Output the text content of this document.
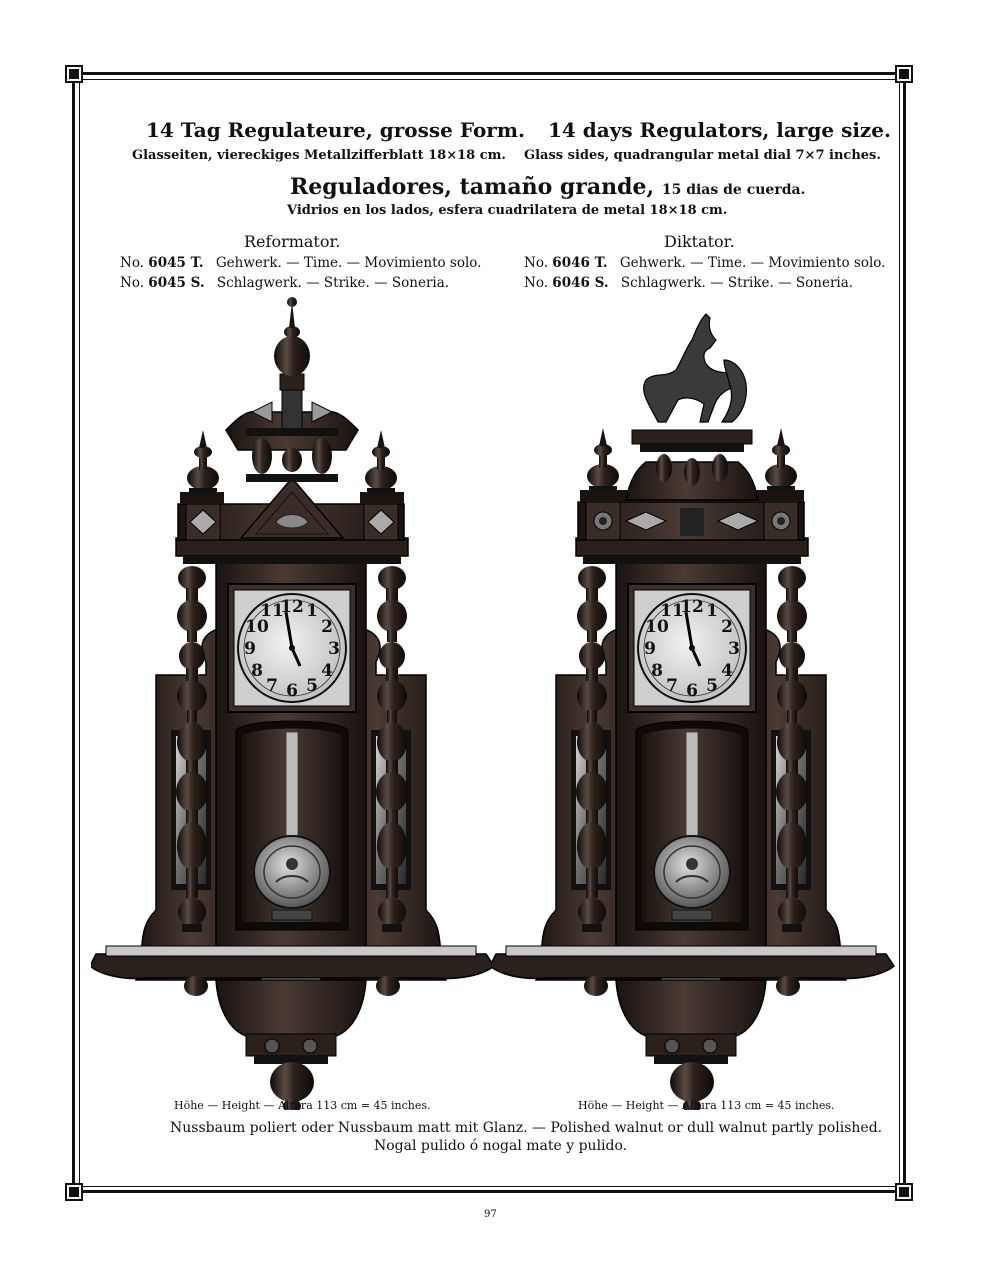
14 Tag Regulateure, grosse Form.
Glasseiten, viereckiges Metallzifferblatt 18×18 cm.
14 days Regulators, large size.
Glass sides, quadrangular metal dial 7×7 inches.
Reguladores, tamaño grande, 15 dias de cuerda.
Vidrios en los lados, esfera cuadrilatera de metal 18×18 cm.
Reformator.
No. 6045 T. Gehwerk. — Time. — Movimiento solo.
No. 6045 S. Schlagwerk. — Strike. — Soneria.
Diktator.
No. 6046 T. Gehwerk. — Time. — Movimiento solo.
No. 6046 S. Schlagwerk. — Strike. — Soneria.
Höhe — Height — Altura 113 cm = 45 inches.	Höhe — Height — Altura 113 cm = 45 inches.
Nussbaum poliert oder Nussbaum matt mit Glanz. — Polished walnut or dull walnut partly polished.
Nogal pulido ó nogal mate y pulido.
97
